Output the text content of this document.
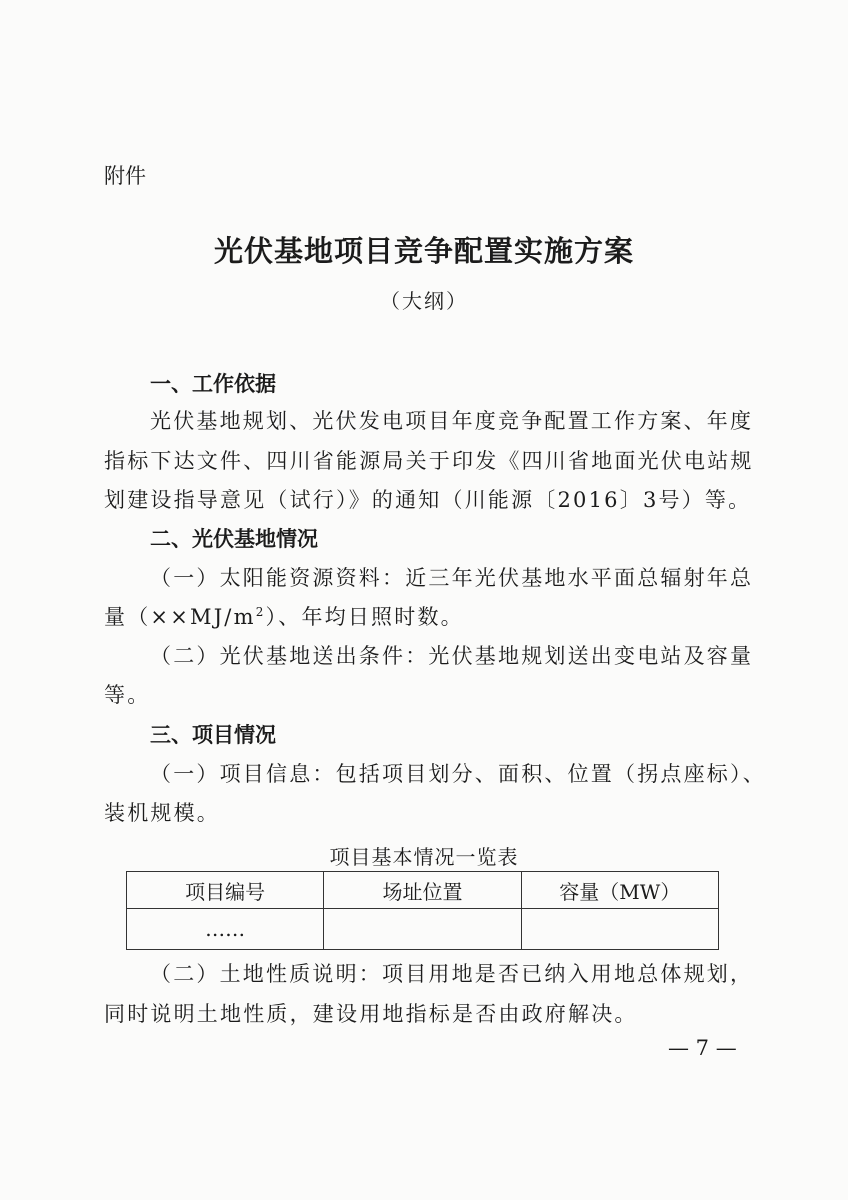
附件
光伏基地项目竞争配置实施方案
（大纲）
一、工作依据
光伏基地规划、光伏发电项目年度竞争配置工作方案、年度
指标下达文件、四川省能源局关于印发《四川省地面光伏电站规
划建设指导意见（试行）》的通知（川能源〔2016〕3号）等。
二、光伏基地情况
（一）太阳能资源资料：近三年光伏基地水平面总辐射年总
量$(\times\times MJ/m^2)$、年均日照时数。
（二）光伏基地送出条件：光伏基地规划送出变电站及容量
等。
三、项目情况
（一）项目信息：包括项目划分、面积、位置（拐点座标）、
装机规模。
项目基本情况一览表
项目编号	场址位置	容量（MW）
……		
（二）土地性质说明：项目用地是否已纳入用地总体规划，
同时说明土地性质，建设用地指标是否由政府解决。
— 7 —
